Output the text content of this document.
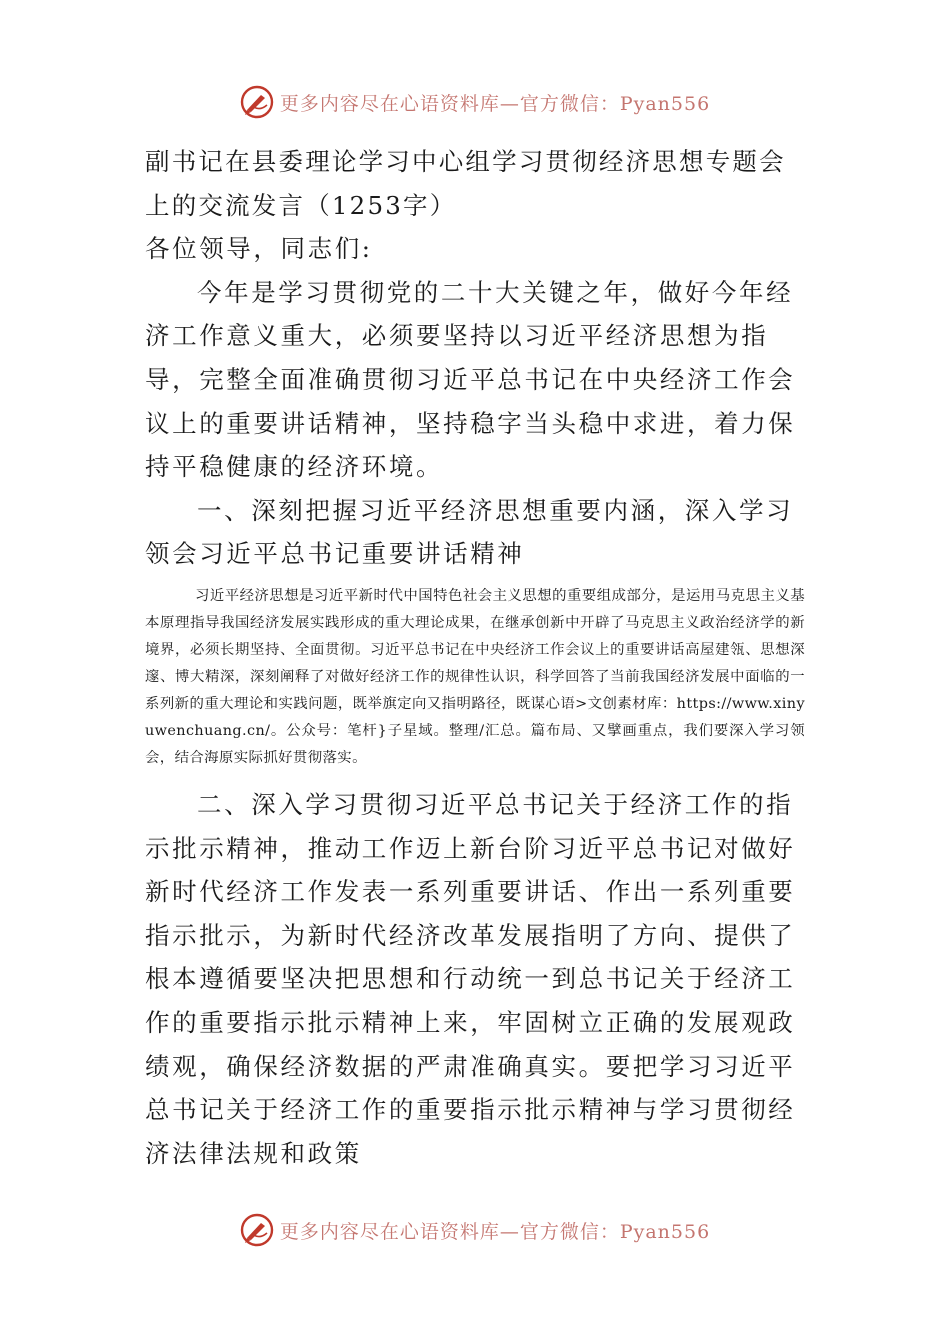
更多内容尽在心语资料库—官方微信：Pyan556

副书记在县委理论学习中心组学习贯彻经济思想专题会上的交流发言（1253字）

各位领导，同志们:

今年是学习贯彻党的二十大关键之年，做好今年经济工作意义重大，必须要坚持以习近平经济思想为指导，完整全面准确贯彻习近平总书记在中央经济工作会议上的重要讲话精神，坚持稳字当头稳中求进，着力保持平稳健康的经济环境。

一、深刻把握习近平经济思想重要内涵，深入学习领会习近平总书记重要讲话精神

习近平经济思想是习近平新时代中国特色社会主义思想的重要组成部分，是运用马克思主义基本原理指导我国经济发展实践形成的重大理论成果，在继承创新中开辟了马克思主义政治经济学的新境界，必须长期坚持、全面贯彻。习近平总书记在中央经济工作会议上的重要讲话高屋建瓴、思想深邃、博大精深，深刻阐释了对做好经济工作的规律性认识，科学回答了当前我国经济发展中面临的一系列新的重大理论和实践问题，既举旗定向又指明路径，既谋心语>文创素材库：https://www.xinyuwenchuang.cn/。公众号：笔杆}子星域。整理/汇总。篇布局、又擘画重点，我们要深入学习领会，结合海原实际抓好贯彻落实。

二、深入学习贯彻习近平总书记关于经济工作的指示批示精神，推动工作迈上新台阶习近平总书记对做好新时代经济工作发表一系列重要讲话、作出一系列重要指示批示，为新时代经济改革发展指明了方向、提供了根本遵循要坚决把思想和行动统一到总书记关于经济工作的重要指示批示精神上来，牢固树立正确的发展观政绩观，确保经济数据的严肃准确真实。要把学习习近平总书记关于经济工作的重要指示批示精神与学习贯彻经济法律法规和政策

更多内容尽在心语资料库—官方微信：Pyan556
